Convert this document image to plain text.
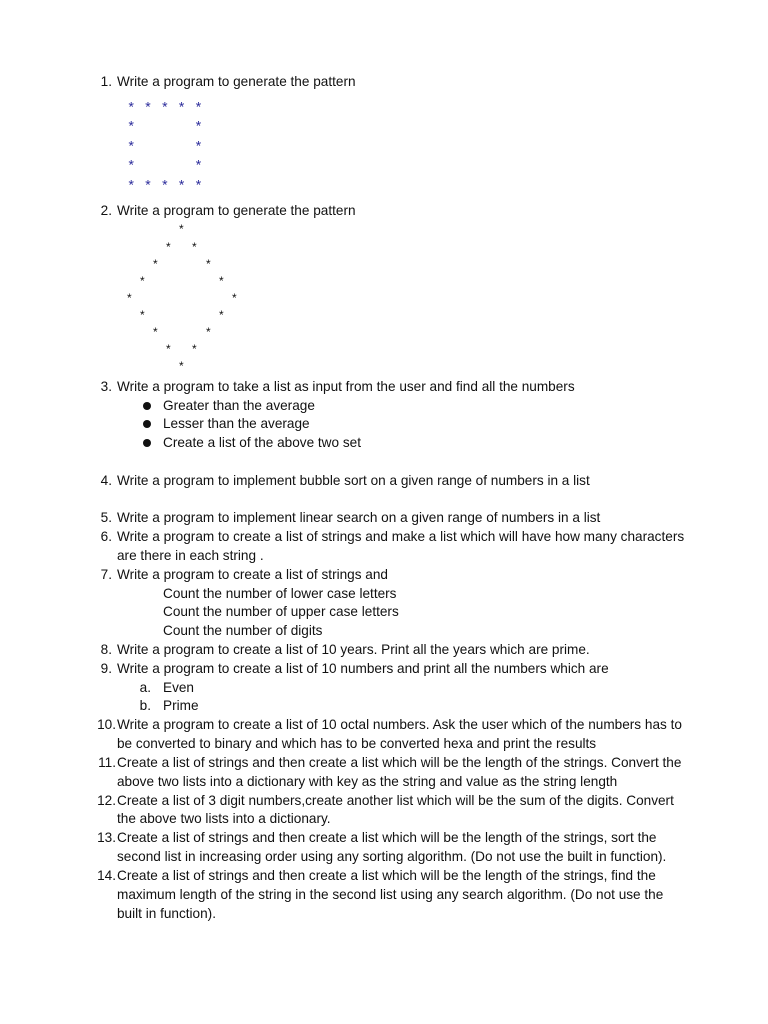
1. Write a program to generate the pattern

* * * * *
*       *
*       *
*       *
* * * * *
2. Write a program to generate the pattern

*
* *
*	*
*	*
*	*
*	*
*	*
* *
*
3. Write a program to take a list as input from the user and find all the numbers

Greater than the average

Lesser than the average

Create a list of the above two set

4. Write a program to implement bubble sort on a given range of numbers in a list

5. Write a program to implement linear search on a given range of numbers in a list

6. Write a program to create a list of strings and make a list which will have how many characters

are there in each string .

7. Write a program to create a list of strings and

Count the number of lower case letters

Count the number of upper case letters

Count the number of digits

8. Write a program to create a list of 10 years. Print all the years which are prime.

9. Write a program to create a list of 10 numbers and print all the numbers which are

a. Even

b. Prime

10. Write a program to create a list of 10 octal numbers. Ask the user which of the numbers has to

be converted to binary and which has to be converted hexa and print the results

11. Create a list of strings and then create a list which will be the length of the strings. Convert the

above two lists into a dictionary with key as the string and value as the string length

12. Create a list of 3 digit numbers,create another list which will be the sum of the digits. Convert

the above two lists into a dictionary.

13. Create a list of strings and then create a list which will be the length of the strings, sort the

second list in increasing order using any sorting algorithm. (Do not use the built in function).

14. Create a list of strings and then create a list which will be the length of the strings, find the

maximum length of the string in the second list using any search algorithm. (Do not use the

built in function).
